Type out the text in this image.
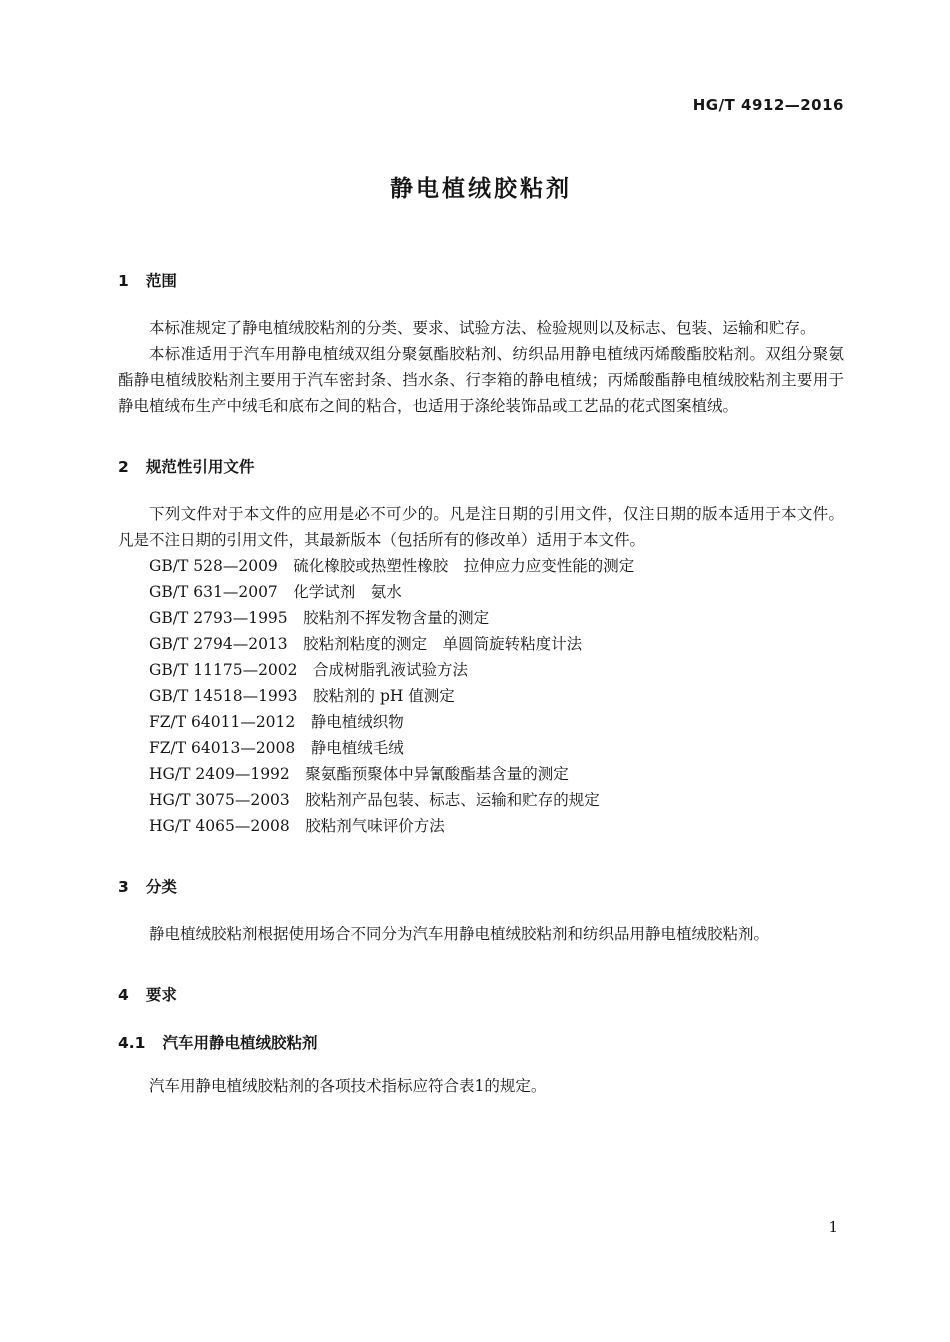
HG/T 4912—2016
静电植绒胶粘剂
1 范围

本标准规定了静电植绒胶粘剂的分类、要求、试验方法、检验规则以及标志、包装、运输和贮存。

本标准适用于汽车用静电植绒双组分聚氨酯胶粘剂、纺织品用静电植绒丙烯酸酯胶粘剂。双组分聚氨酯静电植绒胶粘剂主要用于汽车密封条、挡水条、行李箱的静电植绒；丙烯酸酯静电植绒胶粘剂主要用于静电植绒布生产中绒毛和底布之间的粘合，也适用于涤纶装饰品或工艺品的花式图案植绒。

2 规范性引用文件

下列文件对于本文件的应用是必不可少的。凡是注日期的引用文件，仅注日期的版本适用于本文件。凡是不注日期的引用文件，其最新版本（包括所有的修改单）适用于本文件。

GB/T 528—2009　硫化橡胶或热塑性橡胶　拉伸应力应变性能的测定
GB/T 631—2007　化学试剂　氨水
GB/T 2793—1995　胶粘剂不挥发物含量的测定
GB/T 2794—2013　胶粘剂粘度的测定　单圆筒旋转粘度计法
GB/T 11175—2002　合成树脂乳液试验方法
GB/T 14518—1993　胶粘剂的 pH 值测定
FZ/T 64011—2012　静电植绒织物
FZ/T 64013—2008　静电植绒毛绒
HG/T 2409—1992　聚氨酯预聚体中异氰酸酯基含量的测定
HG/T 3075—2003　胶粘剂产品包装、标志、运输和贮存的规定
HG/T 4065—2008　胶粘剂气味评价方法
3 分类

静电植绒胶粘剂根据使用场合不同分为汽车用静电植绒胶粘剂和纺织品用静电植绒胶粘剂。

4 要求
4.1 汽车用静电植绒胶粘剂

汽车用静电植绒胶粘剂的各项技术指标应符合表1的规定。

1
